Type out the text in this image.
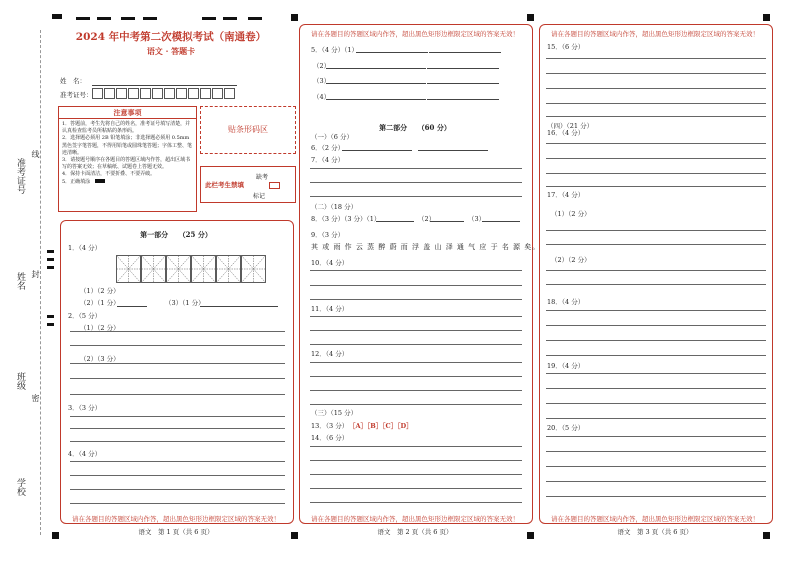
准考证号
线
姓名 封
班级
密
学校
2024 年中考第二次模拟考试（南通卷）
语文 · 答题卡
姓　名：
准考证号：
注意事项
1．答题前，考生先将自己的姓名，准考证号填写清楚，并认真检查监考员所粘贴的条形码。
2．选择题必须用 2B 铅笔填涂；非选择题必须用 0.5mm 黑色签字笔答题，不得用铅笔或圆珠笔答题；字体工整、笔迹清晰。
3．请按题号顺序在各题目的答题区域内作答，超出区域书写的答案无效；在草稿纸、试题卷上答题无效。
4．保持卡面清洁，不要折叠、不要弄破。
5．正确填涂
贴条形码区
此栏考生禁填
缺考
标记
第一部分　　（25 分）
1．（4 分）
（1）（2 分）
（2）（1 分）	（3）（1 分）
2．（5 分）
（1）（2 分）
（2）（3 分）
3．（3 分）
4．（4 分）
请在各题目的答题区域内作答，超出黑色矩形边框限定区域的答案无效！
语文　第 1 页（共 6 页）
请在各题目的答题区域内作答，超出黑色矩形边框限定区域的答案无效！
5．（4 分）（1）
（2）
（3）
（4）
第二部分　　（60 分）
（一）（6 分）
6．（2 分）
7．（4 分）
（二）（18 分）
8．（3 分）（3 分）（1）	（2）	（3）
9．（3 分）
其 或 雨 作 云 蒸 醉 蔚 而 浮 盖 山 泽 通 气 应 于 名 源 矣。
10．（4 分）
11．（4 分）
12．（4 分）
（三）（15 分）
13．（3 分） ［A］［B］［C］［D］
14．（6 分）
请在各题目的答题区域内作答，超出黑色矩形边框限定区域的答案无效！
语文　第 2 页（共 6 页）
请在各题目的答题区域内作答，超出黑色矩形边框限定区域的答案无效！
15．（6 分）
（四）（21 分）
16．（4 分）
17．（4 分）
（1）（2 分）
（2）（2 分）
18．（4 分）
19．（4 分）
20．（5 分）
请在各题目的答题区域内作答，超出黑色矩形边框限定区域的答案无效！
语文　第 3 页（共 6 页）
